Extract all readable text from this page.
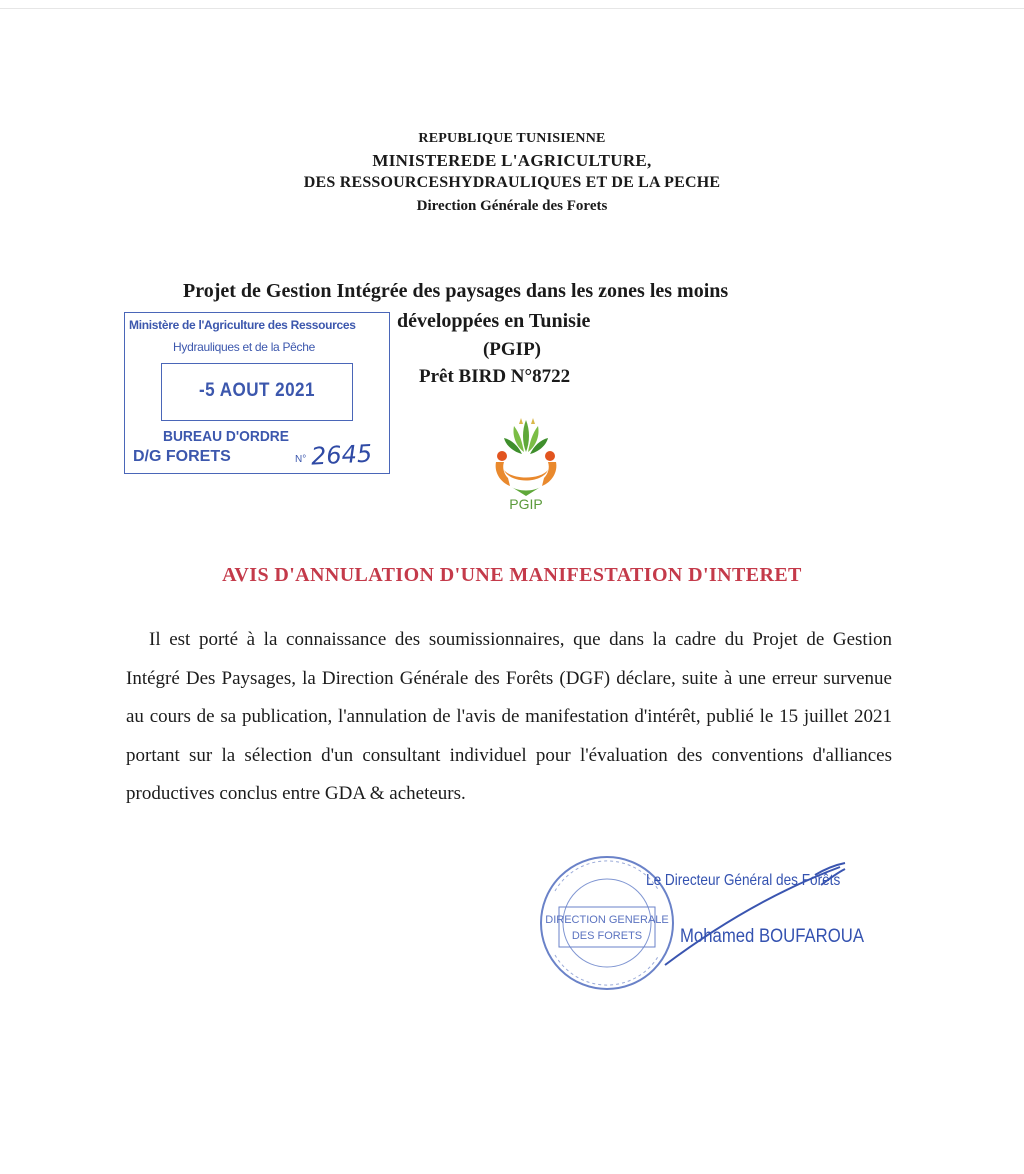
REPUBLIQUE TUNISIENNE
MINISTEREDE L'AGRICULTURE,
DES RESSOURCESHYDRAULIQUES ET DE LA PECHE
Direction Générale des Forets
Projet de Gestion Intégrée des paysages dans les zones les moins
développées en Tunisie
(PGIP)
Prêt BIRD N°8722
Ministère de l'Agriculture des Ressources
Hydrauliques et de la Pêche
-5 AOUT 2021
BUREAU D'ORDRE
D/G FORETS	N° 2645
PGIP
AVIS D'ANNULATION D'UNE MANIFESTATION D'INTERET
Il est porté à la connaissance des soumissionnaires, que dans la cadre du Projet de Gestion Intégré Des Paysages, la Direction Générale des Forêts (DGF) déclare, suite à une erreur survenue au cours de sa publication, l'annulation de l'avis de manifestation d'intérêt, publié le 15 juillet 2021 portant sur la sélection d'un consultant individuel pour l'évaluation des conventions d'alliances productives conclus entre GDA & acheteurs.
DIRECTION GENERALE
DES FORETS
Le Directeur Général des Forêts
Mohamed BOUFAROUA
